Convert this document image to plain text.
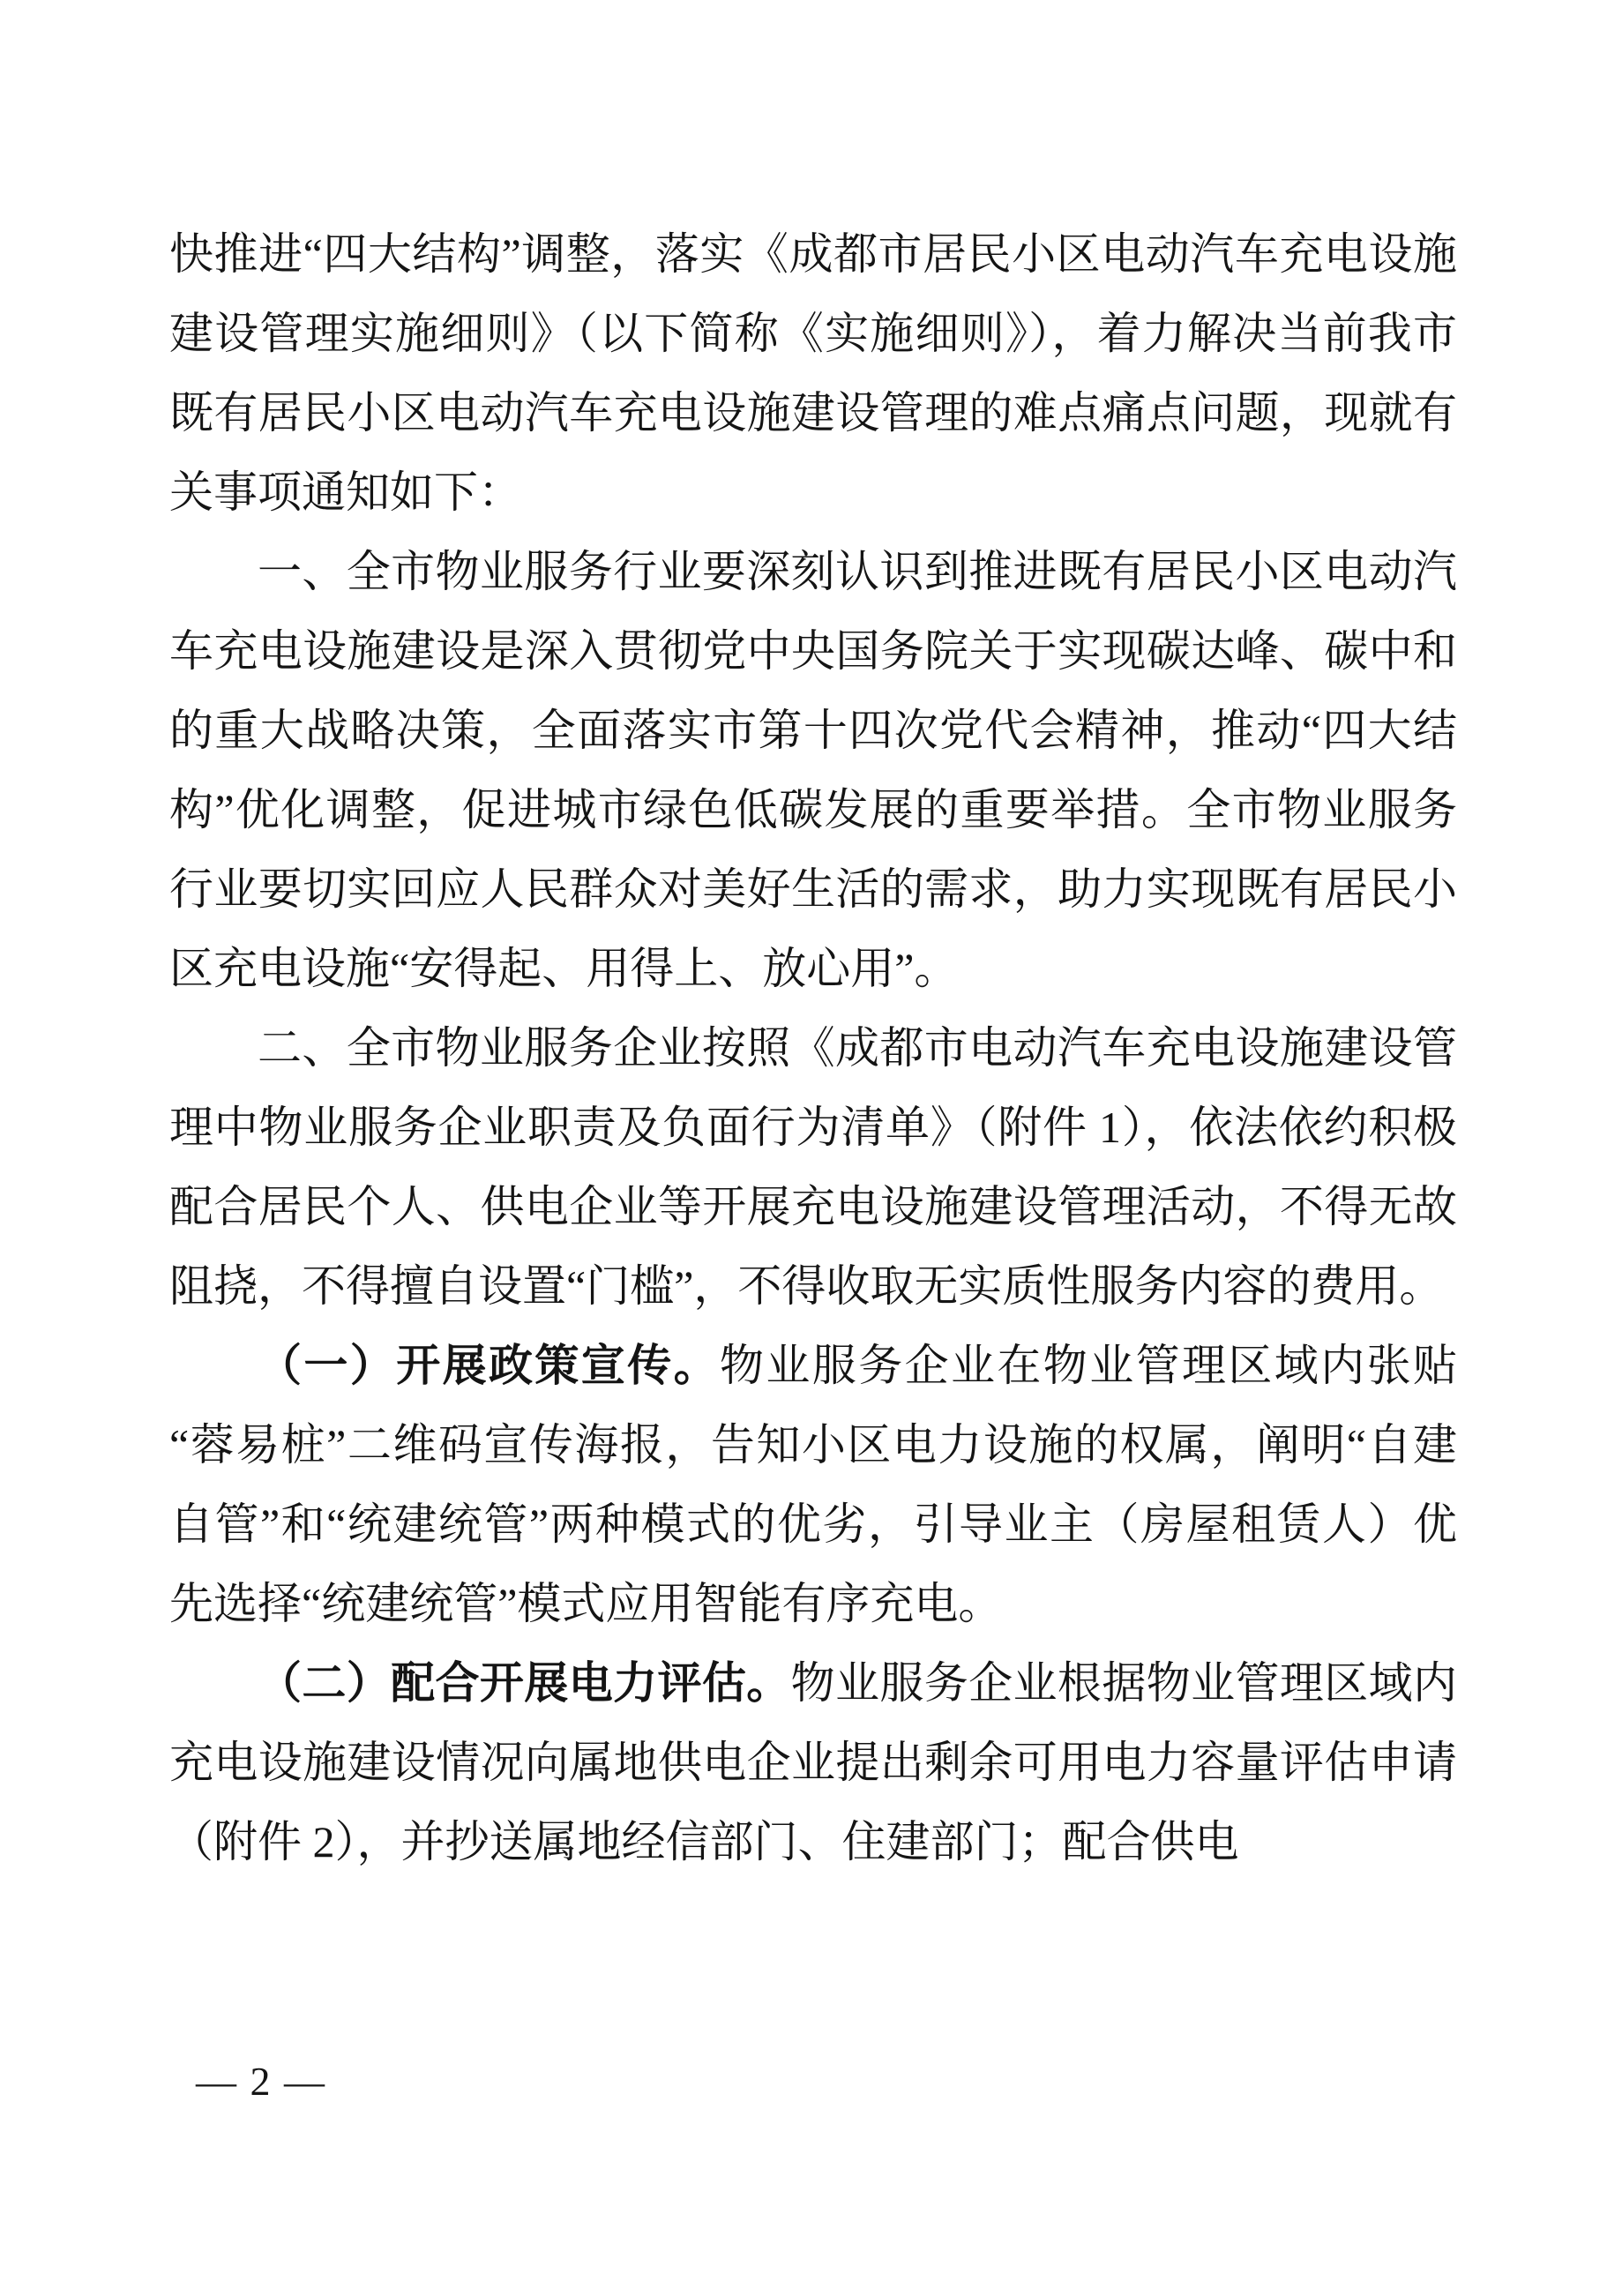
快推进“四大结构”调整，落实《成都市居民小区电动汽车充电设施建设管理实施细则》（以下简称《实施细则》），着力解决当前我市既有居民小区电动汽车充电设施建设管理的难点痛点问题，现就有关事项通知如下：

一、全市物业服务行业要深刻认识到推进既有居民小区电动汽车充电设施建设是深入贯彻党中央国务院关于实现碳达峰、碳中和的重大战略决策，全面落实市第十四次党代会精神，推动“四大结构”优化调整，促进城市绿色低碳发展的重要举措。全市物业服务行业要切实回应人民群众对美好生活的需求，助力实现既有居民小区充电设施“安得起、用得上、放心用”。

二、全市物业服务企业按照《成都市电动汽车充电设施建设管理中物业服务企业职责及负面行为清单》（附件 1），依法依约积极配合居民个人、供电企业等开展充电设施建设管理活动，不得无故阻挠，不得擅自设置“门槛”，不得收取无实质性服务内容的费用。

（一）开展政策宣传。物业服务企业在物业管理区域内张贴“蓉易桩”二维码宣传海报，告知小区电力设施的权属，阐明“自建自管”和“统建统管”两种模式的优劣，引导业主（房屋租赁人）优先选择“统建统管”模式应用智能有序充电。

（二）配合开展电力评估。物业服务企业根据物业管理区域内充电设施建设情况向属地供电企业提出剩余可用电力容量评估申请（附件 2），并抄送属地经信部门、住建部门；配合供电

— 2 —
